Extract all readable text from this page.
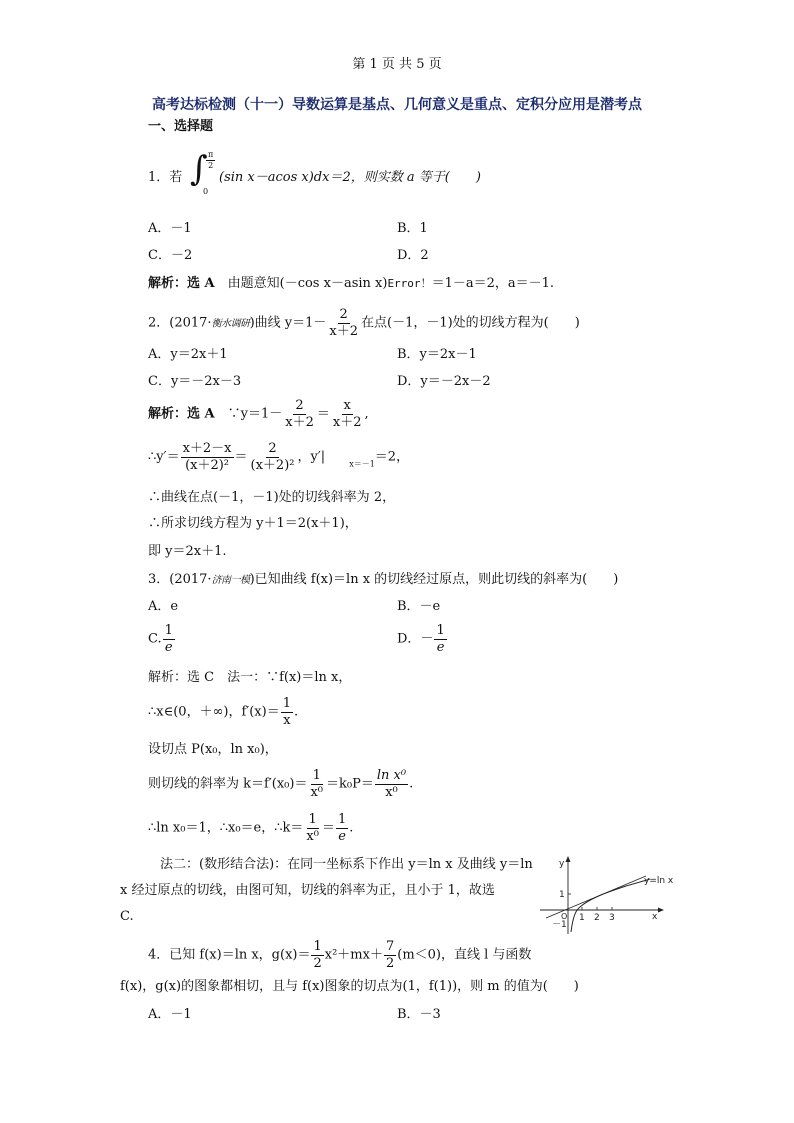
第 1 页 共 5 页
高考达标检测（十一）导数运算是基点、几何意义是重点、定积分应用是潜考点
一、选择题
1．若 ∫
$\frac{\pi}{2}$
0
(sin x－acos x)dx＝2，则实数 a 等于(　　)
A．－1	B．1
C．－2	D．2
解析：选 A　由题意知(－cos x－asin x)Error！＝1－a＝2，a＝－1.
2．(2017·衡水调研)曲线 $y=1- \frac{2}{x+2}$ 在点(－1，－1)处的切线方程为(　　)
A．y＝2x＋1	B．y＝2x－1
C．y＝－2x－3	D．y＝－2x－2
解析：选 A　∵y＝1－ $\frac{2}{x+2} = \frac{x}{x+2}$ ,
∴y′＝ $\frac{x+2-x}{\text{(x＋2)²}} = \frac{2}{\text{(x＋2)²}}$ ，y′|	$_{x=-1}$＝2，
∴曲线在点(－1，－1)处的切线斜率为 2，
∴所求切线方程为 y＋1＝2(x＋1)，
即 y＝2x＋1.
3．(2017·济南一模)已知曲线 f(x)＝ln x 的切线经过原点，则此切线的斜率为(　　)
A．e	B．－e
C. $\frac{1}{e}$	D．－ $\frac{1}{e}$
解析：选 C　法一：∵f(x)＝ln x，
∴x∈(0，＋∞)，$f'(x)= \frac{1}{x}$ .
设切点 P(x₀，ln x₀)，
则切线的斜率为 $k=f'(x_0)= \frac{1}{\text{x⁰}} =k_0P= \frac{\text{ln x⁰}}{\text{x⁰}}$ .
∴ln x₀＝1，∴x₀＝e，∴k＝ $\frac{1}{\text{x⁰}} = \frac{1}{e}$ .
法二：(数形结合法)：在同一坐标系下作出 y＝ln x 及曲线 y＝ln
x 经过原点的切线，由图可知，切线的斜率为正，且小于 1，故选
C.
y
x
y=ln x
1
－1
O 1 2 3
4．已知 f(x)＝ln x，$g(x)= \frac{1}{2} x^2+mx+ \frac{7}{2} (m<0)$，直线 l 与函数
f(x)，g(x)的图象都相切，且与 f(x)图象的切点为(1，f(1))，则 m 的值为(　　)
A．－1	B．－3
